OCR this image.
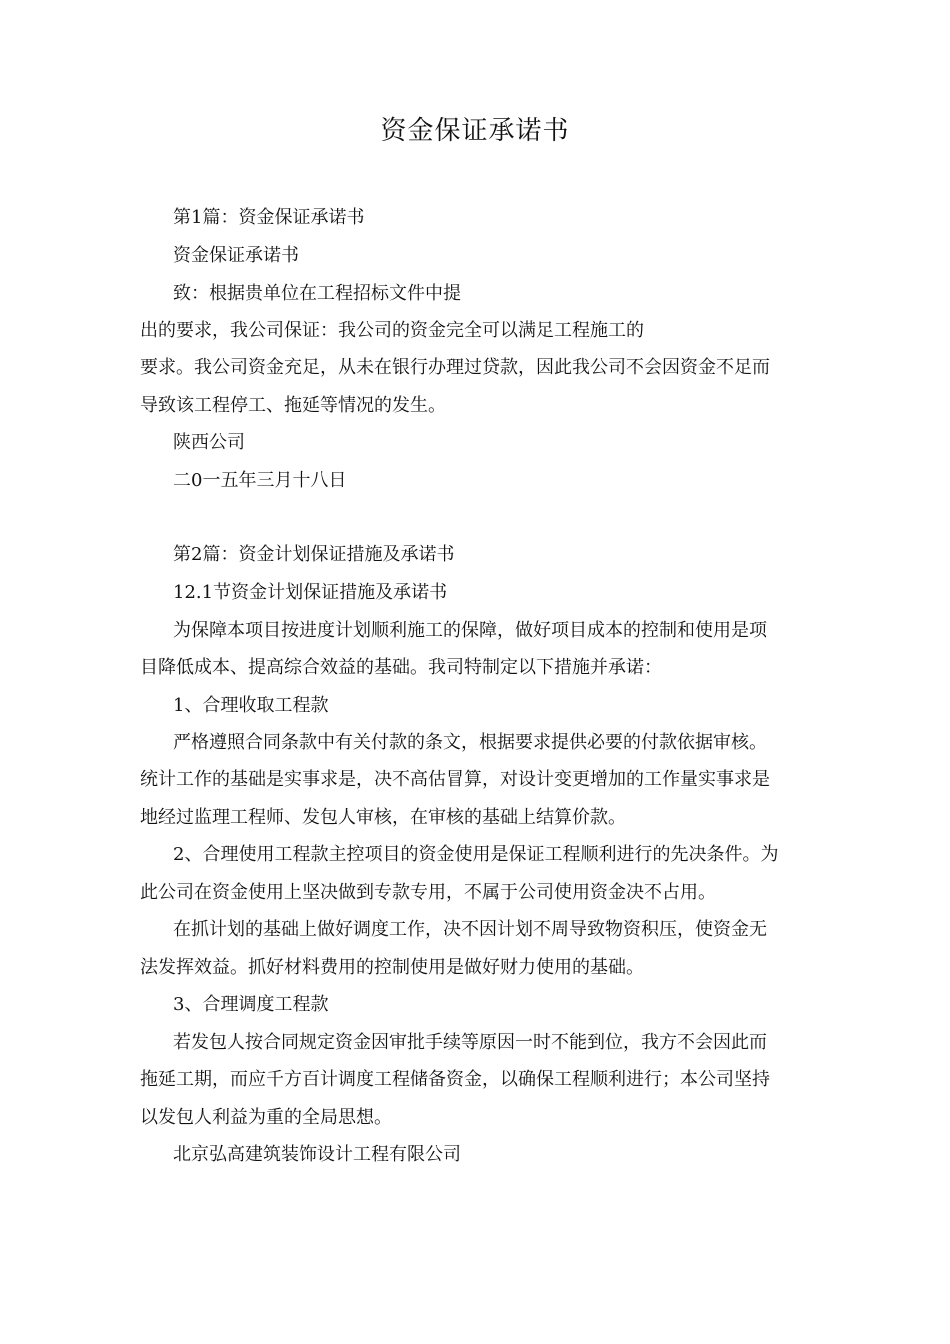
资金保证承诺书
第1篇：资金保证承诺书
资金保证承诺书
致：根据贵单位在工程招标文件中提
出的要求，我公司保证：我公司的资金完全可以满足工程施工的
要求。我公司资金充足，从未在银行办理过贷款，因此我公司不会因资金不足而
导致该工程停工、拖延等情况的发生。
陕西公司
二0一五年三月十八日
第2篇：资金计划保证措施及承诺书
12.1节资金计划保证措施及承诺书
为保障本项目按进度计划顺利施工的保障，做好项目成本的控制和使用是项
目降低成本、提高综合效益的基础。我司特制定以下措施并承诺：
1、合理收取工程款
严格遵照合同条款中有关付款的条文，根据要求提供必要的付款依据审核。
统计工作的基础是实事求是，决不高估冒算，对设计变更增加的工作量实事求是
地经过监理工程师、发包人审核，在审核的基础上结算价款。
2、合理使用工程款主控项目的资金使用是保证工程顺利进行的先决条件。为
此公司在资金使用上坚决做到专款专用，不属于公司使用资金决不占用。
在抓计划的基础上做好调度工作，决不因计划不周导致物资积压，使资金无
法发挥效益。抓好材料费用的控制使用是做好财力使用的基础。
3、合理调度工程款
若发包人按合同规定资金因审批手续等原因一时不能到位，我方不会因此而
拖延工期，而应千方百计调度工程储备资金，以确保工程顺利进行；本公司坚持
以发包人利益为重的全局思想。
北京弘高建筑装饰设计工程有限公司
